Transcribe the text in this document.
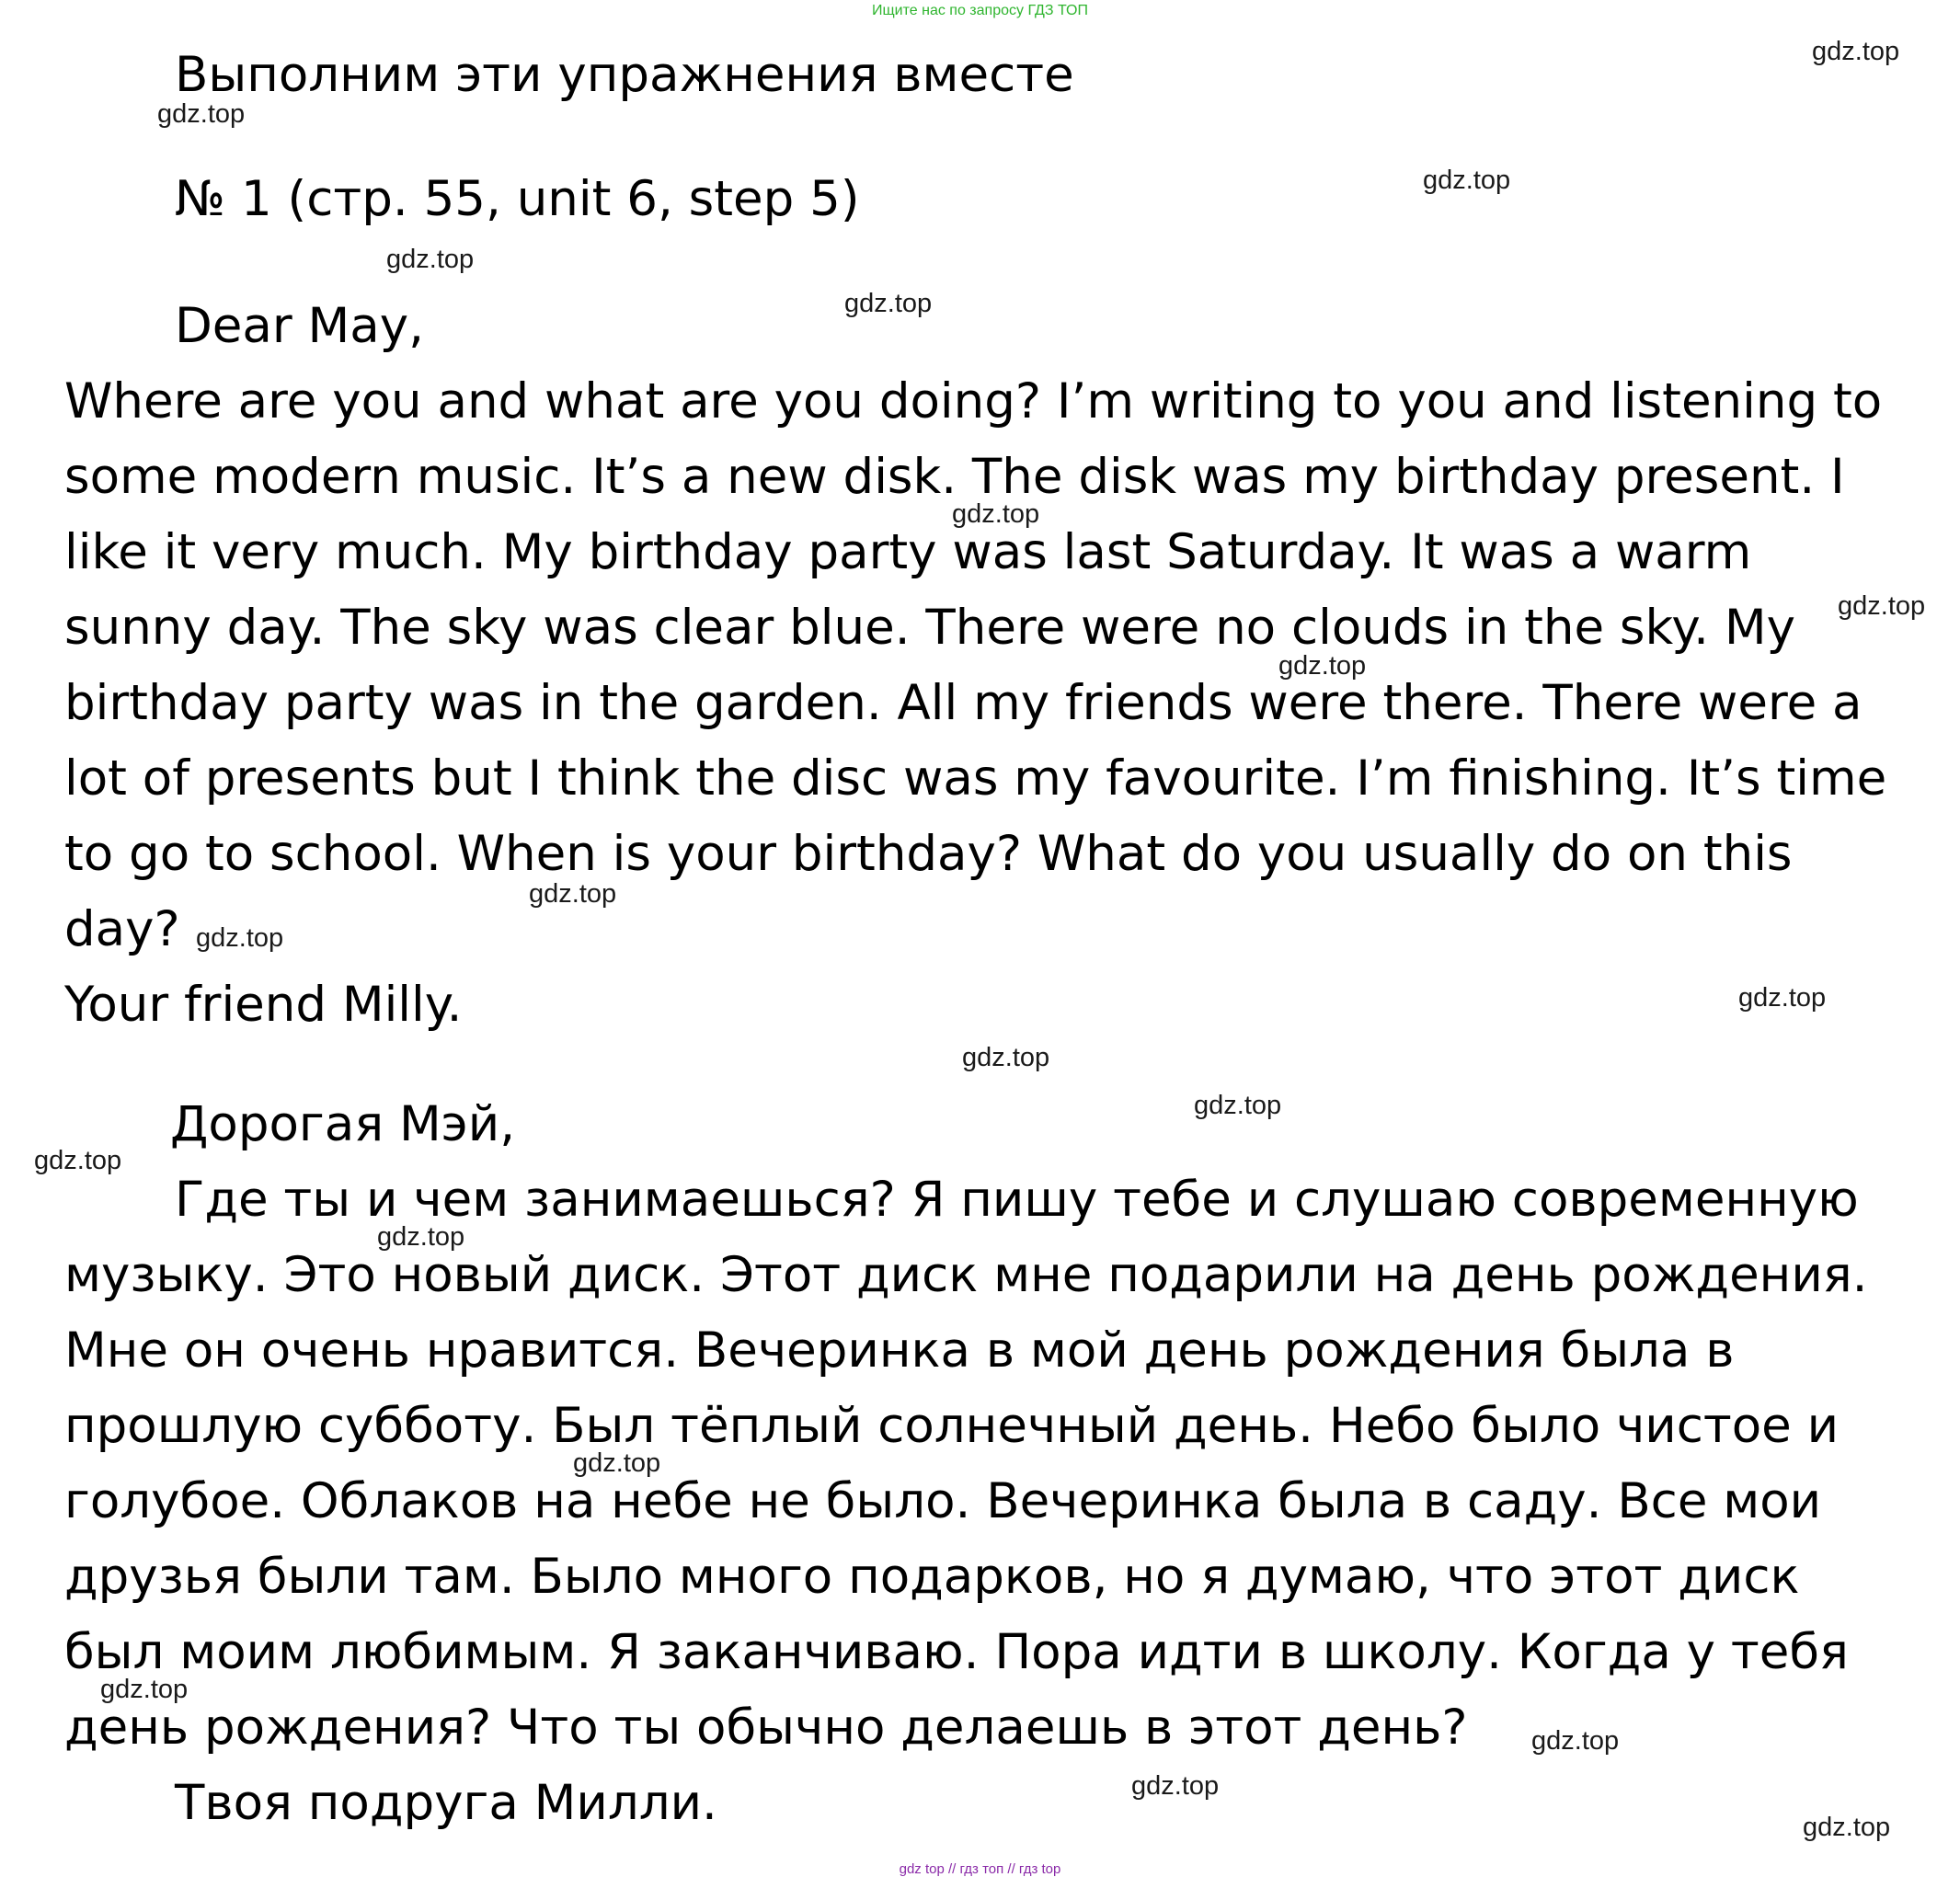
Ищите нас по запросу ГДЗ ТОП
Выполним эти упражнения вместе
№ 1 (стр. 55, unit 6, step 5)
Dear May,
Where are you and what are you doing? I’m writing to you and listening to
some modern music. It’s a new disk. The disk was my birthday present. I
like it very much. My birthday party was last Saturday. It was a warm
sunny day. The sky was clear blue. There were no clouds in the sky. My
birthday party was in the garden. All my friends were there. There were a
lot of presents but I think the disc was my favourite. I’m finishing. It’s time
to go to school. When is your birthday? What do you usually do on this
day?
Your friend Milly.
Дорогая Мэй,
Где ты и чем занимаешься? Я пишу тебе и слушаю современную
музыку. Это новый диск. Этот диск мне подарили на день рождения.
Мне он очень нравится. Вечеринка в мой день рождения была в
прошлую субботу. Был тёплый солнечный день. Небо было чистое и
голубое. Облаков на небе не было. Вечеринка была в саду. Все мои
друзья были там. Было много подарков, но я думаю, что этот диск
был моим любимым. Я заканчиваю. Пора идти в школу. Когда у тебя
день рождения? Что ты обычно делаешь в этот день?
Твоя подруга Милли.
gdz.top
gdz.top
gdz.top
gdz.top
gdz.top
gdz.top
gdz.top
gdz.top
gdz.top
gdz.top
gdz.top
gdz.top
gdz.top
gdz.top
gdz.top
gdz.top
gdz.top
gdz.top
gdz.top
gdz.top
gdz top // гдз топ // гдз top
